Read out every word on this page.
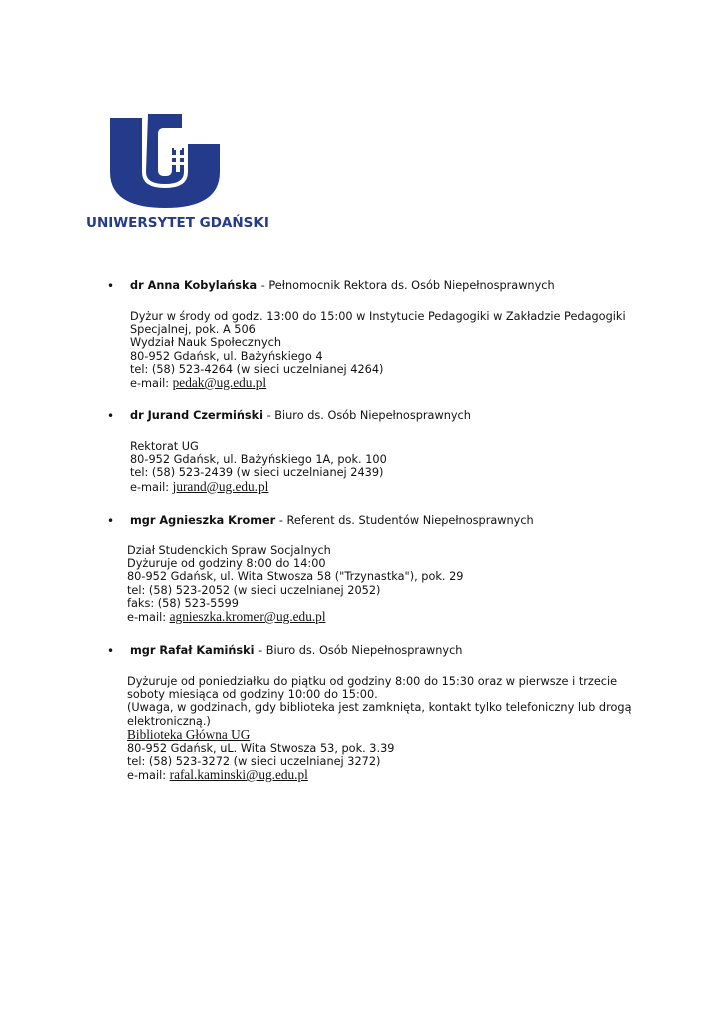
UNIWERSYTET GDAŃSKI
• dr Anna Kobylańska - Pełnomocnik Rektora ds. Osób Niepełnosprawnych
Dyżur w środy od godz. 13:00 do 15:00 w Instytucie Pedagogiki w Zakładzie Pedagogiki
Specjalnej, pok. A 506
Wydział Nauk Społecznych
80-952 Gdańsk, ul. Bażyńskiego 4
tel: (58) 523-4264 (w sieci uczelnianej 4264)
e-mail: pedak@ug.edu.pl
• dr Jurand Czermiński - Biuro ds. Osób Niepełnosprawnych
Rektorat UG
80-952 Gdańsk, ul. Bażyńskiego 1A, pok. 100
tel: (58) 523-2439 (w sieci uczelnianej 2439)
e-mail: jurand@ug.edu.pl
• mgr Agnieszka Kromer - Referent ds. Studentów Niepełnosprawnych
Dział Studenckich Spraw Socjalnych
Dyżuruje od godziny 8:00 do 14:00
80-952 Gdańsk, ul. Wita Stwosza 58 ("Trzynastka"), pok. 29
tel: (58) 523-2052 (w sieci uczelnianej 2052)
faks: (58) 523-5599
e-mail: agnieszka.kromer@ug.edu.pl
• mgr Rafał Kamiński - Biuro ds. Osób Niepełnosprawnych
Dyżuruje od poniedziałku do piątku od godziny 8:00 do 15:30 oraz w pierwsze i trzecie
soboty miesiąca od godziny 10:00 do 15:00.
(Uwaga, w godzinach, gdy biblioteka jest zamknięta, kontakt tylko telefoniczny lub drogą
elektroniczną.)
Biblioteka Główna UG
80-952 Gdańsk, uL. Wita Stwosza 53, pok. 3.39
tel: (58) 523-3272 (w sieci uczelnianej 3272)
e-mail: rafal.kaminski@ug.edu.pl
